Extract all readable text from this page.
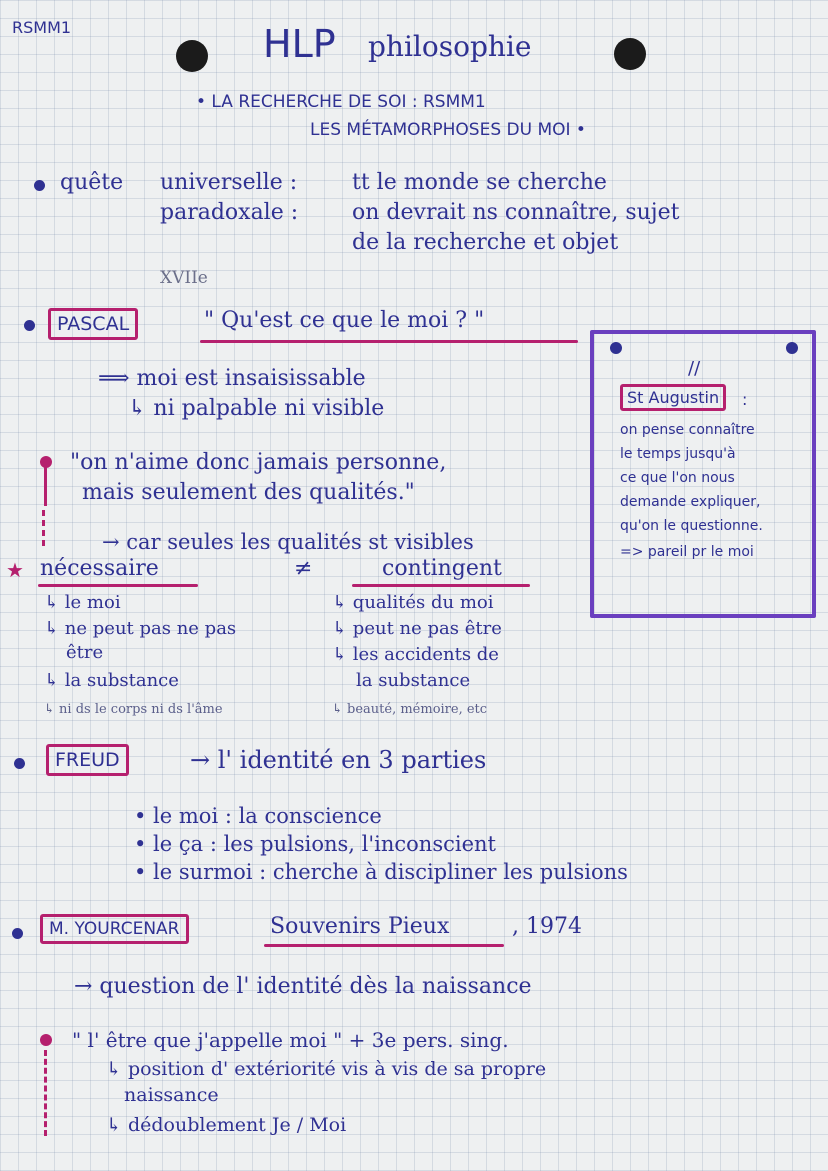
RSMM1	HLP philosophie
• LA RECHERCHE DE SOI : RSMM1
LES MÉTAMORPHOSES DU MOI •
quête universelle : tt le monde se cherche
paradoxale : on devrait ns connaître, sujet
de la recherche et objet
XVIIe
PASCAL	" Qu'est ce que le moi ? "
⟹ moi est insaisissable
↳ ni palpable ni visible
"on n'aime donc jamais personne,
mais seulement des qualités."
→ car seules les qualités st visibles
★ nécessaire	≠	contingent
↳ le moi
↳ ne peut pas ne pas
être
↳ la substance
↳ ni ds le corps ni ds l'âme
↳ qualités du moi
↳ peut ne pas être
↳ les accidents de
la substance
↳ beauté, mémoire, etc
//
St Augustin	:
on pense connaître
le temps jusqu'à
ce que l'on nous
demande expliquer,
qu'on le questionne.
=> pareil pr le moi
FREUD	→ l' identité en 3 parties
• le moi : la conscience
• le ça : les pulsions, l'inconscient
• le surmoi : cherche à discipliner les pulsions
M. YOURCENAR	Souvenirs Pieux	, 1974
→ question de l' identité dès la naissance
" l' être que j'appelle moi " + 3e pers. sing.
↳ position d' extériorité vis à vis de sa propre
naissance
↳ dédoublement Je / Moi
